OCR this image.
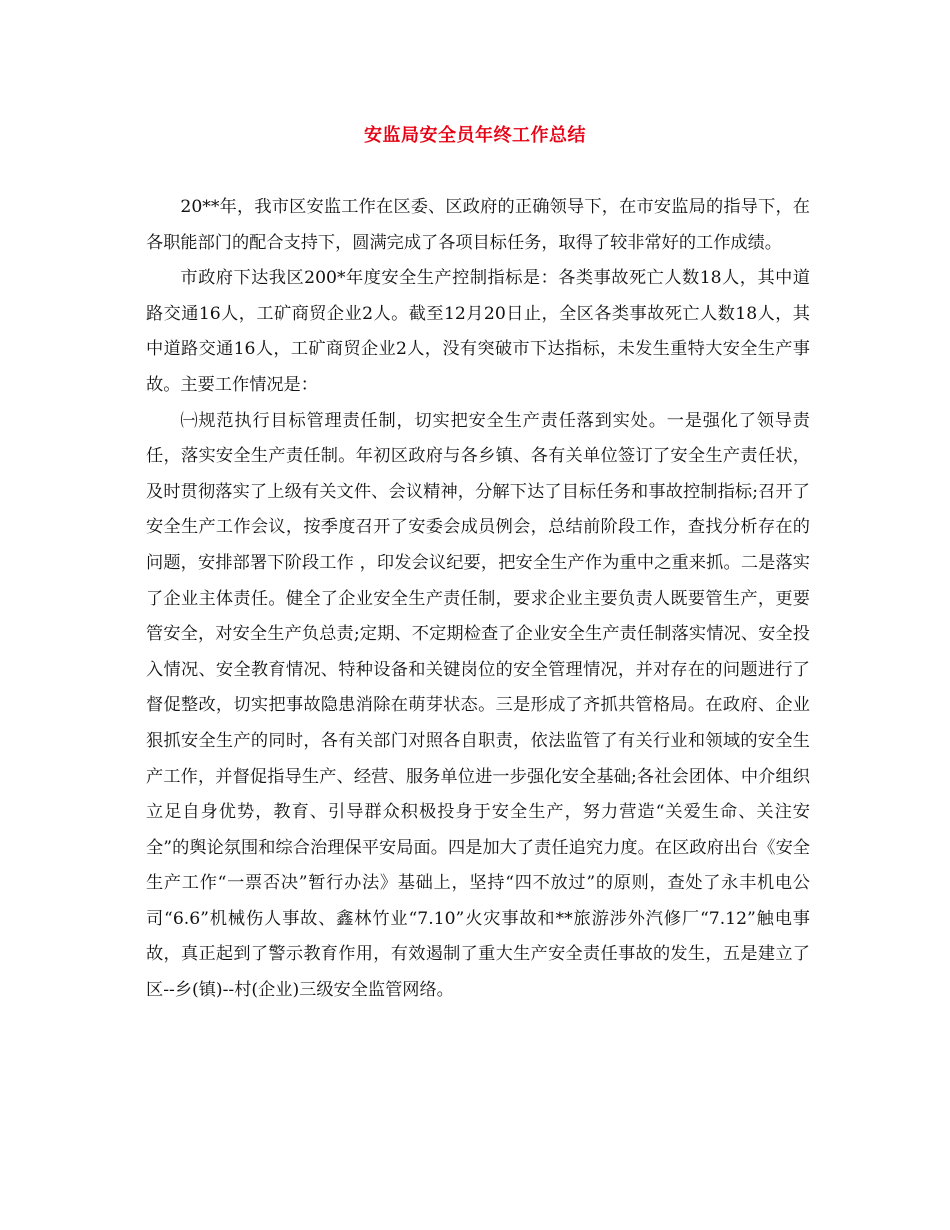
安监局安全员年终工作总结

20**年，我市区安监工作在区委、区政府的正确领导下，在市安监局的指导下，在各职能部门的配合支持下，圆满完成了各项目标任务，取得了较非常好的工作成绩。

市政府下达我区200*年度安全生产控制指标是：各类事故死亡人数18人，其中道路交通16人，工矿商贸企业2人。截至12月20日止，全区各类事故死亡人数18人，其中道路交通16人，工矿商贸企业2人，没有突破市下达指标，未发生重特大安全生产事故。主要工作情况是：

㈠规范执行目标管理责任制，切实把安全生产责任落到实处。一是强化了领导责任，落实安全生产责任制。年初区政府与各乡镇、各有关单位签订了安全生产责任状，及时贯彻落实了上级有关文件、会议精神，分解下达了目标任务和事故控制指标;召开了安全生产工作会议，按季度召开了安委会成员例会，总结前阶段工作，查找分析存在的问题，安排部署下阶段工作 ，印发会议纪要，把安全生产作为重中之重来抓。二是落实了企业主体责任。健全了企业安全生产责任制，要求企业主要负责人既要管生产，更要管安全，对安全生产负总责;定期、不定期检查了企业安全生产责任制落实情况、安全投入情况、安全教育情况、特种设备和关键岗位的安全管理情况，并对存在的问题进行了督促整改，切实把事故隐患消除在萌芽状态。三是形成了齐抓共管格局。在政府、企业狠抓安全生产的同时，各有关部门对照各自职责，依法监管了有关行业和领域的安全生产工作，并督促指导生产、经营、服务单位进一步强化安全基础;各社会团体、中介组织立足自身优势，教育、引导群众积极投身于安全生产，努力营造“关爱生命、关注安全”的舆论氛围和综合治理保平安局面。四是加大了责任追究力度。在区政府出台《安全生产工作“一票否决”暂行办法》基础上，坚持“四不放过”的原则，查处了永丰机电公司“6.6”机械伤人事故、鑫林竹业“7.10”火灾事故和**旅游涉外汽修厂“7.12”触电事故，真正起到了警示教育作用，有效遏制了重大生产安全责任事故的发生，五是建立了区--乡(镇)--村(企业)三级安全监管网络。
